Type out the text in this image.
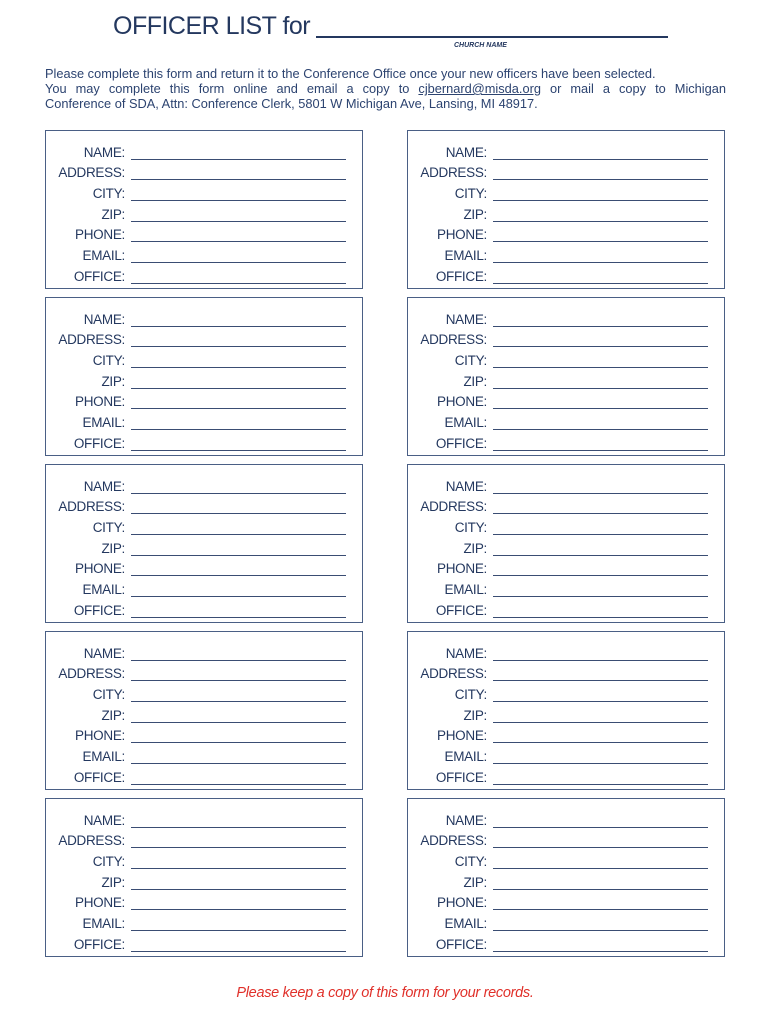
OFFICER LIST for
CHURCH NAME

Please complete this form and return it to the Conference Office once your new officers have been selected.

You may complete this form online and email a copy to cjbernard@misda.org or mail a copy to Michigan

Conference of SDA, Attn: Conference Clerk, 5801 W Michigan Ave, Lansing, MI 48917.

NAME:
ADDRESS:
CITY:
ZIP:
PHONE:
EMAIL:
OFFICE:
NAME:
ADDRESS:
CITY:
ZIP:
PHONE:
EMAIL:
OFFICE:
NAME:
ADDRESS:
CITY:
ZIP:
PHONE:
EMAIL:
OFFICE:
NAME:
ADDRESS:
CITY:
ZIP:
PHONE:
EMAIL:
OFFICE:
NAME:
ADDRESS:
CITY:
ZIP:
PHONE:
EMAIL:
OFFICE:
NAME:
ADDRESS:
CITY:
ZIP:
PHONE:
EMAIL:
OFFICE:
NAME:
ADDRESS:
CITY:
ZIP:
PHONE:
EMAIL:
OFFICE:
NAME:
ADDRESS:
CITY:
ZIP:
PHONE:
EMAIL:
OFFICE:
NAME:
ADDRESS:
CITY:
ZIP:
PHONE:
EMAIL:
OFFICE:
NAME:
ADDRESS:
CITY:
ZIP:
PHONE:
EMAIL:
OFFICE:
Please keep a copy of this form for your records.
